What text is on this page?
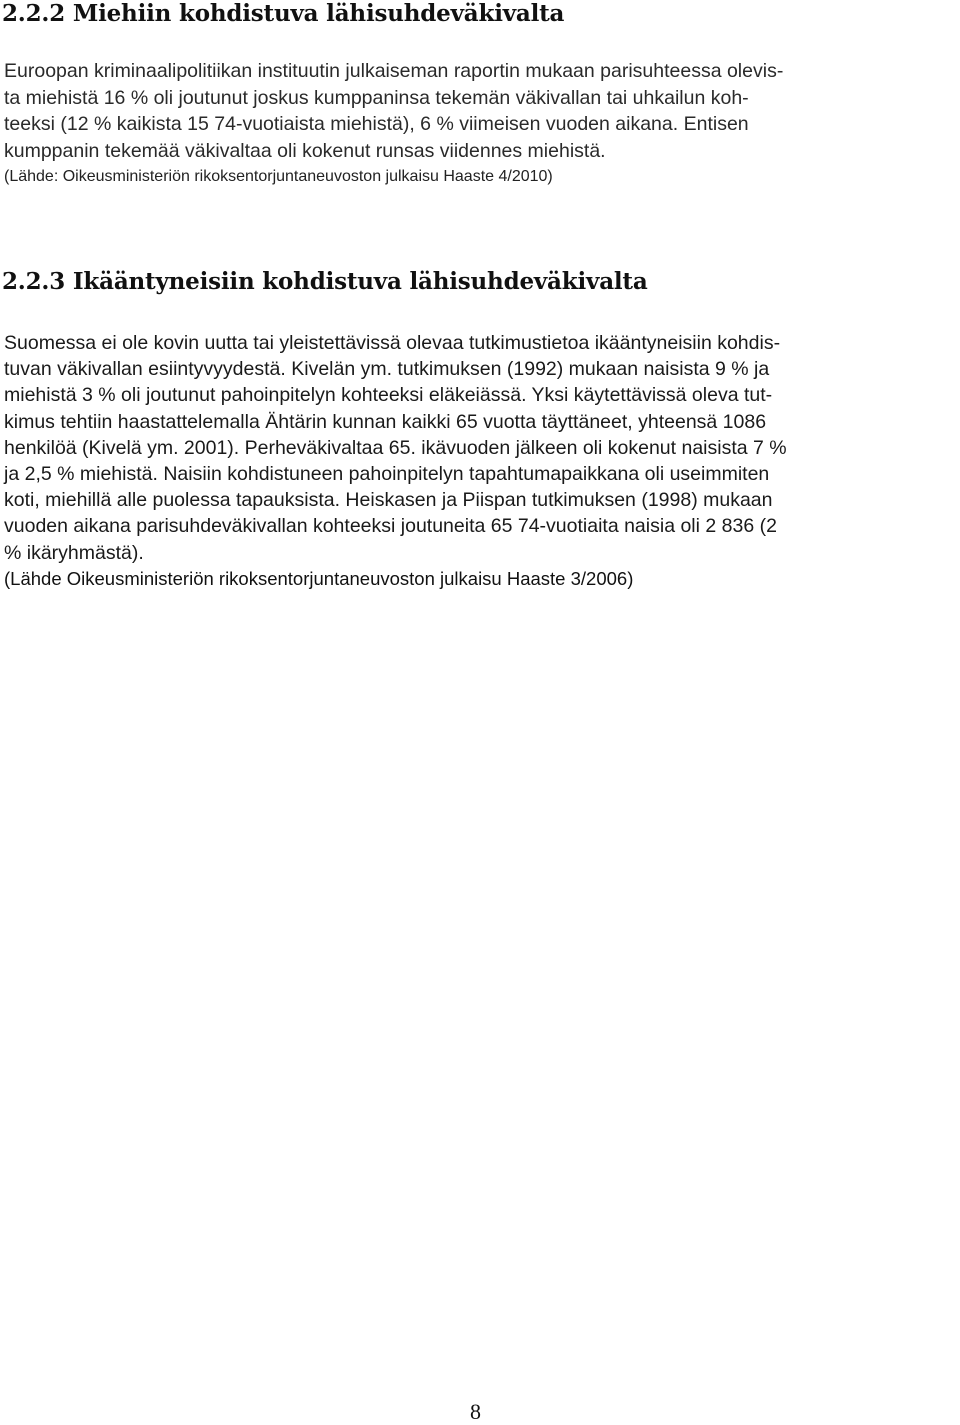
2.2.2 Miehiin kohdistuva lähisuhdeväkivalta
Euroopan kriminaalipolitiikan instituutin julkaiseman raportin mukaan parisuhteessa olevis-
ta miehistä 16 % oli joutunut joskus kumppaninsa tekemän väkivallan tai uhkailun koh-
teeksi (12 % kaikista 15 74-vuotiaista miehistä), 6 % viimeisen vuoden aikana. Entisen
kumppanin tekemää väkivaltaa oli kokenut runsas viidennes miehistä.
(Lähde: Oikeusministeriön rikoksentorjuntaneuvoston julkaisu Haaste 4/2010)
2.2.3 Ikääntyneisiin kohdistuva lähisuhdeväkivalta
Suomessa ei ole kovin uutta tai yleistettävissä olevaa tutkimustietoa ikääntyneisiin kohdis-
tuvan väkivallan esiintyvyydestä. Kivelän ym. tutkimuksen (1992) mukaan naisista 9 % ja
miehistä 3 % oli joutunut pahoinpitelyn kohteeksi eläkeiässä. Yksi käytettävissä oleva tut-
kimus tehtiin haastattelemalla Ähtärin kunnan kaikki 65 vuotta täyttäneet, yhteensä 1086
henkilöä (Kivelä ym. 2001). Perheväkivaltaa 65. ikävuoden jälkeen oli kokenut naisista 7 %
ja 2,5 % miehistä. Naisiin kohdistuneen pahoinpitelyn tapahtumapaikkana oli useimmiten
koti, miehillä alle puolessa tapauksista. Heiskasen ja Piispan tutkimuksen (1998) mukaan
vuoden aikana parisuhdeväkivallan kohteeksi joutuneita 65 74-vuotiaita naisia oli 2 836 (2
% ikäryhmästä).
(Lähde Oikeusministeriön rikoksentorjuntaneuvoston julkaisu Haaste 3/2006)

8
